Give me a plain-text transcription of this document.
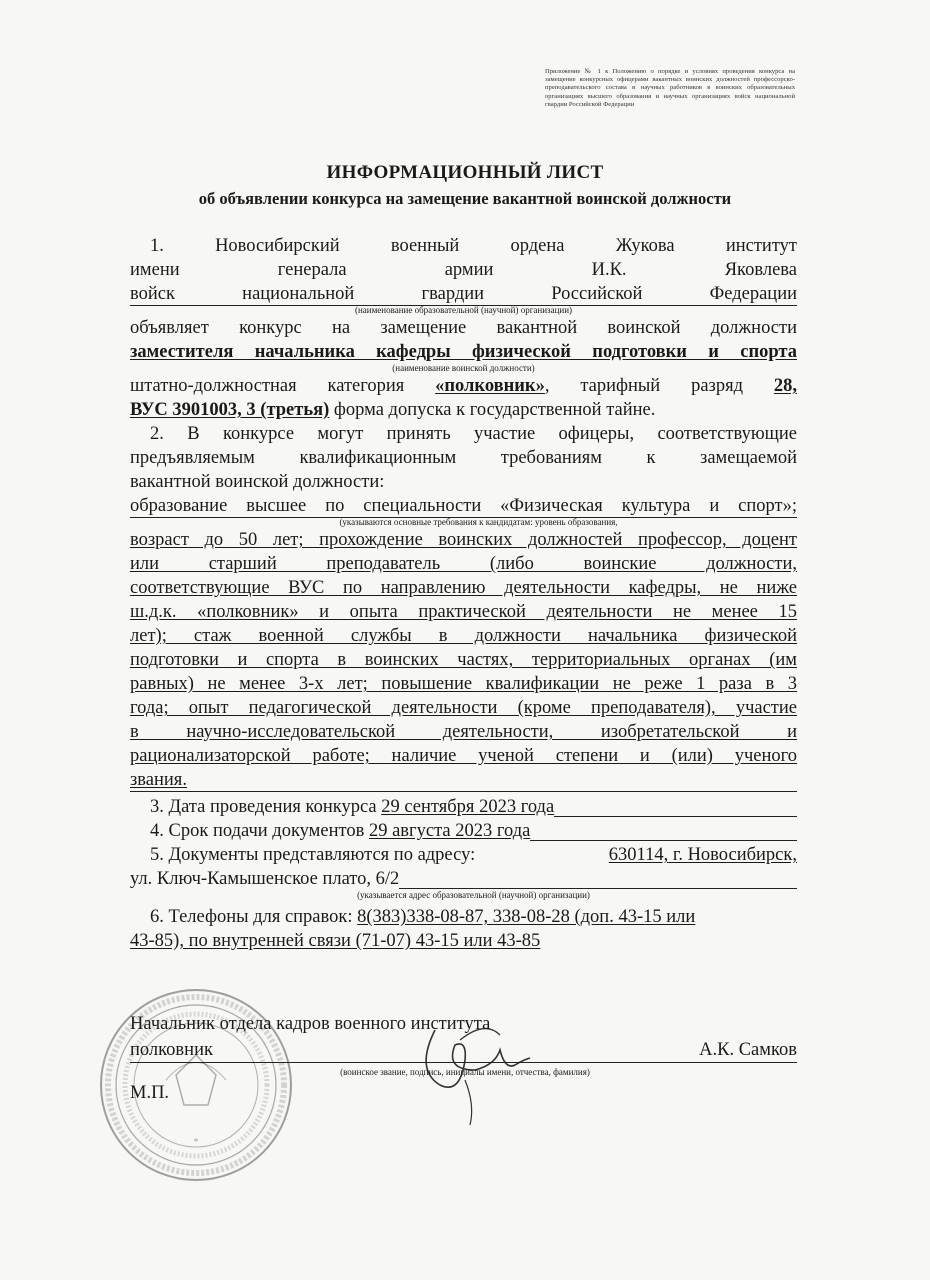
Приложение № 1 к Положению о порядке и условиях проведения конкурса на замещение конкурсных офицерами вакантных воинских должностей профессорско-преподавательского состава и научных работников в воинских образовательных организациях высшего образования и научных организациях войск национальной гвардии Российской Федерации
ИНФОРМАЦИОННЫЙ ЛИСТ
об объявлении конкурса на замещение вакантной воинской должности

1. Новосибирский военный ордена Жукова институт

имени генерала армии И.К. Яковлева

войск национальной гвардии Российской Федерации

(наименование образовательной (научной) организации)

объявляет конкурс на замещение вакантной воинской должности

заместителя начальника кафедры физической подготовки и спорта

(наименование воинской должности)

штатно-должностная категория «полковник», тарифный разряд 28,

ВУС 3901003, 3 (третья) форма допуска к государственной тайне.

2. В конкурсе могут принять участие офицеры, соответствующие

предъявляемым квалификационным требованиям к замещаемой

вакантной воинской должности:

образование высшее по специальности «Физическая культура и спорт»;

(указываются основные требования к кандидатам: уровень образования,

возраст до 50 лет; прохождение воинских должностей профессор, доцент

или старший преподаватель (либо воинские должности,

соответствующие ВУС по направлению деятельности кафедры, не ниже

ш.д.к. «полковник» и опыта практической деятельности не менее 15

лет); стаж военной службы в должности начальника физической

подготовки и спорта в воинских частях, территориальных органах (им

равных) не менее 3-х лет; повышение квалификации не реже 1 раза в 3

года; опыт педагогической деятельности (кроме преподавателя), участие

в научно-исследовательской деятельности, изобретательской и

рационализаторской работе; наличие ученой степени и (или) ученого

звания.

3. Дата проведения конкурса 29 сентября 2023 года
4. Срок подачи документов 29 августа 2023 года
5. Документы представляются по адресу:	630114, г. Новосибирск,
ул. Ключ-Камышенское плато, 6/2
(указывается адрес образовательной (научной) организации)

6. Телефоны для справок: 8(383)338-08-87, 338-08-28 (доп. 43-15 или

43-85), по внутренней связи (71-07) 43-15 или 43-85

*
Начальник отдела кадров военного института
полковник	А.К. Самков
М.П.
(воинское звание, подпись, инициалы имени, отчества, фамилия)
